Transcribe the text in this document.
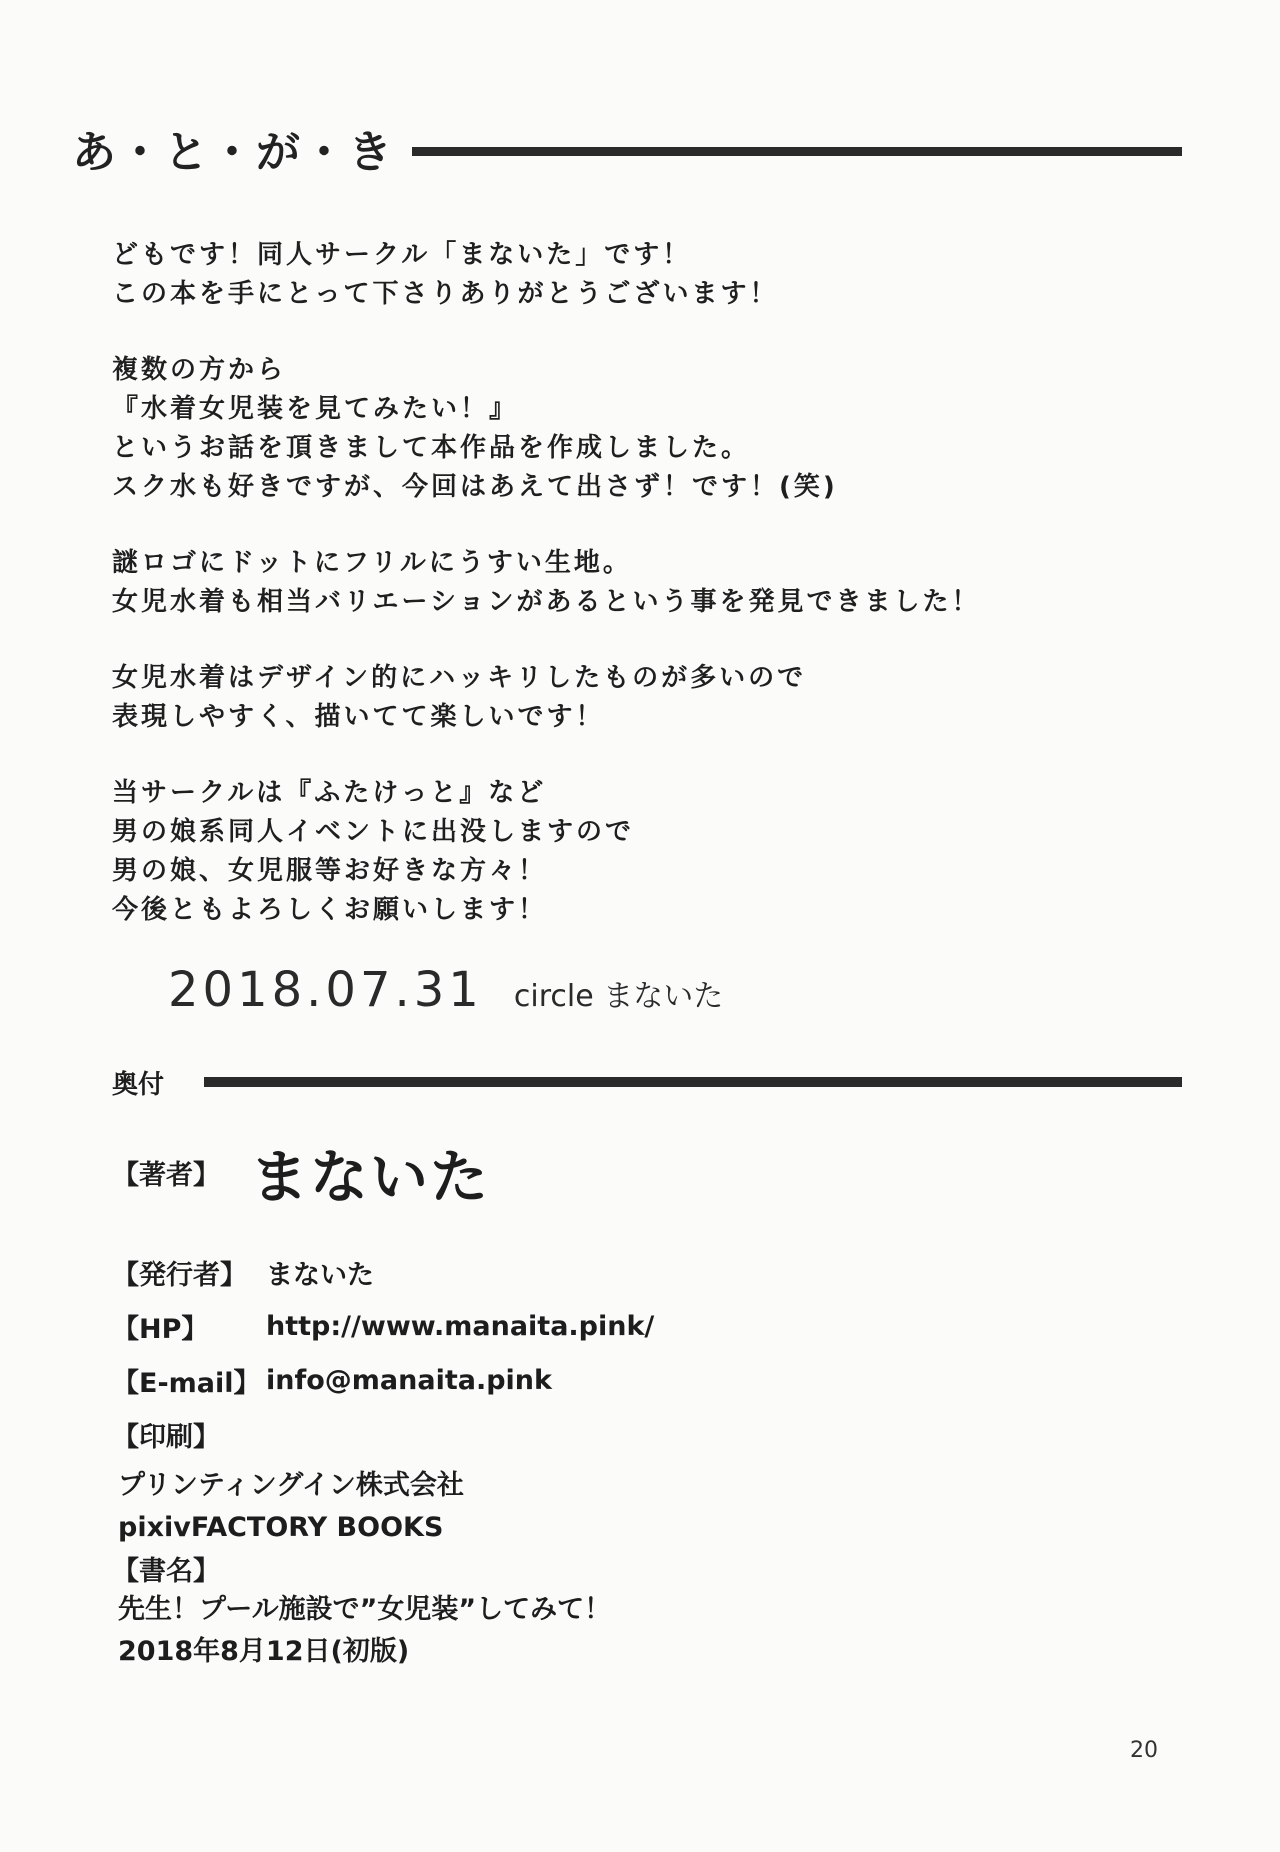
あ・と・が・き
どもです！同人サークル「まないた」です！
この本を手にとって下さりありがとうございます！
複数の方から
『水着女児装を見てみたい！』
というお話を頂きまして本作品を作成しました。
スク水も好きですが、今回はあえて出さず！です！(笑)
謎ロゴにドットにフリルにうすい生地。
女児水着も相当バリエーションがあるという事を発見できました！
女児水着はデザイン的にハッキリしたものが多いので
表現しやすく、描いてて楽しいです！
当サークルは『ふたけっと』など
男の娘系同人イベントに出没しますので
男の娘、女児服等お好きな方々！
今後ともよろしくお願いします！
2018.07.31 circle まないた
奥付
【著者】 まないた
【発行者】 まないた
【HP】	http://www.manaita.pink/
【E-mail】 info@manaita.pink
【印刷】
プリンティングイン株式会社
pixivFACTORY BOOKS
【書名】
先生！プール施設で”女児装”してみて！
2018年8月12日(初版)
20
